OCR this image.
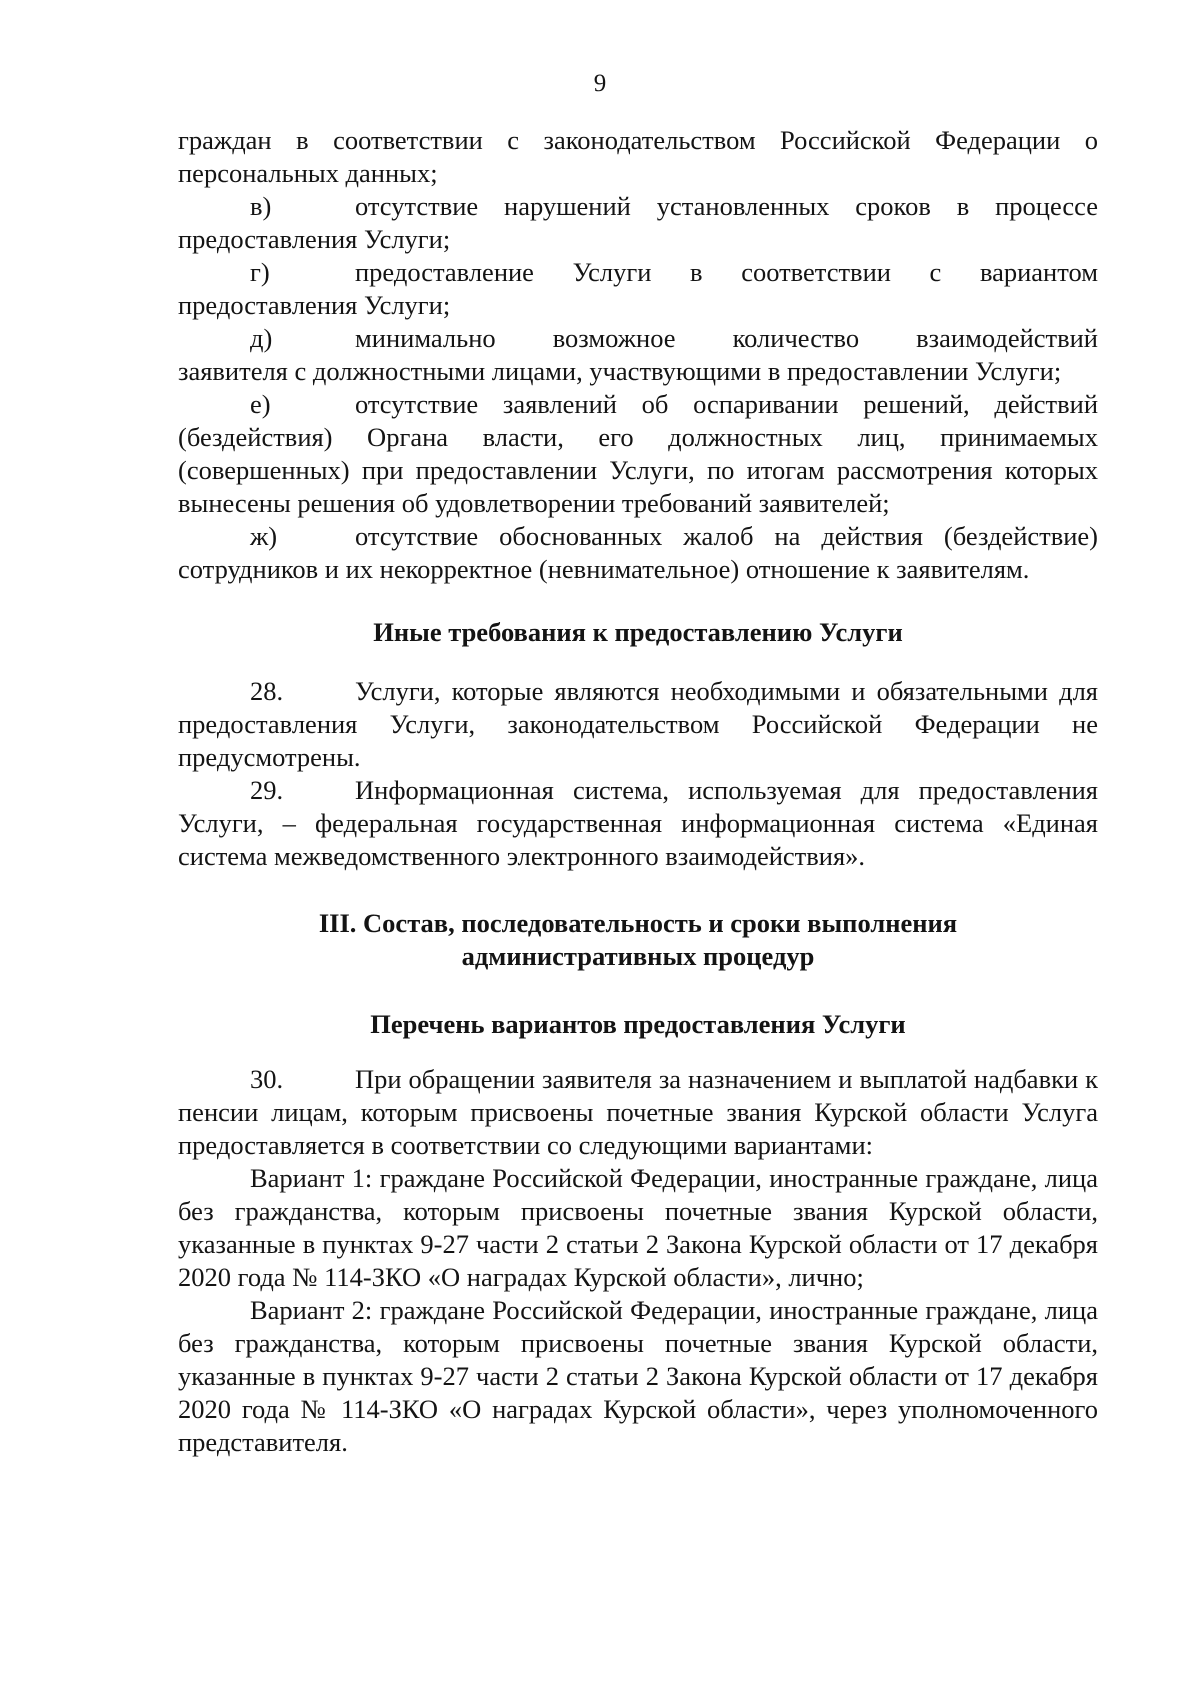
9

граждан в соответствии с законодательством Российской Федерации о

персональных данных;

в)	отсутствие нарушений установленных сроков в процессе

предоставления Услуги;

г)	предоставление Услуги в соответствии с вариантом

предоставления Услуги;

д)	минимально возможное количество взаимодействий

заявителя с должностными лицами, участвующими в предоставлении Услуги;

е)	отсутствие заявлений об оспаривании решений, действий

(бездействия) Органа власти, его должностных лиц, принимаемых (совершенных) при предоставлении Услуги, по итогам рассмотрения которых вынесены решения об удовлетворении требований заявителей;

ж)	отсутствие обоснованных жалоб на действия (бездействие)

сотрудников и их некорректное (невнимательное) отношение к заявителям.

Иные требования к предоставлению Услуги

28.	Услуги, которые являются необходимыми и обязательными для предоставления Услуги, законодательством Российской Федерации не предусмотрены.

29.	Информационная система, используемая для предоставления Услуги, – федеральная государственная информационная система «Единая система межведомственного электронного взаимодействия».

III. Состав, последовательность и сроки выполнения
административных процедур
Перечень вариантов предоставления Услуги

30.	При обращении заявителя за назначением и выплатой надбавки к пенсии лицам, которым присвоены почетные звания Курской области Услуга предоставляется в соответствии со следующими вариантами:

Вариант 1: граждане Российской Федерации, иностранные граждане, лица без гражданства, которым присвоены почетные звания Курской области, указанные в пунктах 9-27 части 2 статьи 2 Закона Курской области от 17 декабря 2020 года № 114-ЗКО «О наградах Курской области», лично;

Вариант 2: граждане Российской Федерации, иностранные граждане, лица без гражданства, которым присвоены почетные звания Курской области, указанные в пунктах 9-27 части 2 статьи 2 Закона Курской области от 17 декабря 2020 года № 114-ЗКО «О наградах Курской области», через уполномоченного представителя.
